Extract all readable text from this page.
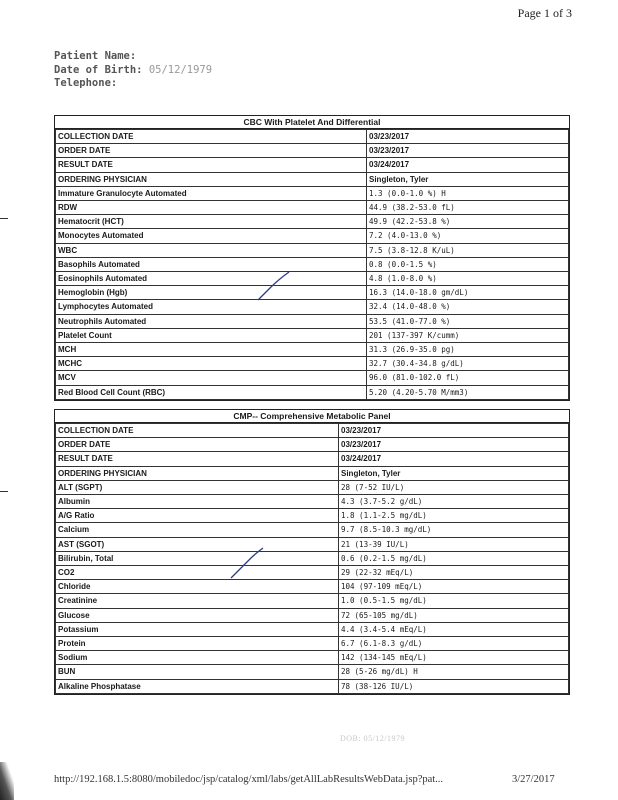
Page 1 of 3
Patient Name:
Date of Birth: 05/12/1979
Telephone:
CBC With Platelet And Differential
COLLECTION DATE	03/23/2017
ORDER DATE	03/23/2017
RESULT DATE	03/24/2017
ORDERING PHYSICIAN	Singleton, Tyler
Immature Granulocyte Automated	1.3 (0.0-1.0 %) H
RDW	44.9 (38.2-53.0 fL)
Hematocrit (HCT)	49.9 (42.2-53.8 %)
Monocytes Automated	7.2 (4.0-13.0 %)
WBC	7.5 (3.8-12.8 K/uL)
Basophils Automated	0.8 (0.0-1.5 %)
Eosinophils Automated	4.8 (1.0-8.0 %)
Hemoglobin (Hgb)	16.3 (14.0-18.0 gm/dL)
Lymphocytes Automated	32.4 (14.0-48.0 %)
Neutrophils Automated	53.5 (41.0-77.0 %)
Platelet Count	201 (137-397 K/cumm)
MCH	31.3 (26.9-35.0 pg)
MCHC	32.7 (30.4-34.8 g/dL)
MCV	96.0 (81.0-102.0 fL)
Red Blood Cell Count (RBC)	5.20 (4.20-5.70 M/mm3)
CMP-- Comprehensive Metabolic Panel
COLLECTION DATE	03/23/2017
ORDER DATE	03/23/2017
RESULT DATE	03/24/2017
ORDERING PHYSICIAN	Singleton, Tyler
ALT (SGPT)	28 (7-52 IU/L)
Albumin	4.3 (3.7-5.2 g/dL)
A/G Ratio	1.8 (1.1-2.5 mg/dL)
Calcium	9.7 (8.5-10.3 mg/dL)
AST (SGOT)	21 (13-39 IU/L)
Bilirubin, Total	0.6 (0.2-1.5 mg/dL)
CO2	29 (22-32 mEq/L)
Chloride	104 (97-109 mEq/L)
Creatinine	1.0 (0.5-1.5 mg/dL)
Glucose	72 (65-105 mg/dL)
Potassium	4.4 (3.4-5.4 mEq/L)
Protein	6.7 (6.1-8.3 g/dL)
Sodium	142 (134-145 mEq/L)
BUN	28 (5-26 mg/dL) H
Alkaline Phosphatase	78 (38-126 IU/L)
DOB: 05/12/1979
http://192.168.1.5:8080/mobiledoc/jsp/catalog/xml/labs/getAllLabResultsWebData.jsp?pat...	3/27/2017
